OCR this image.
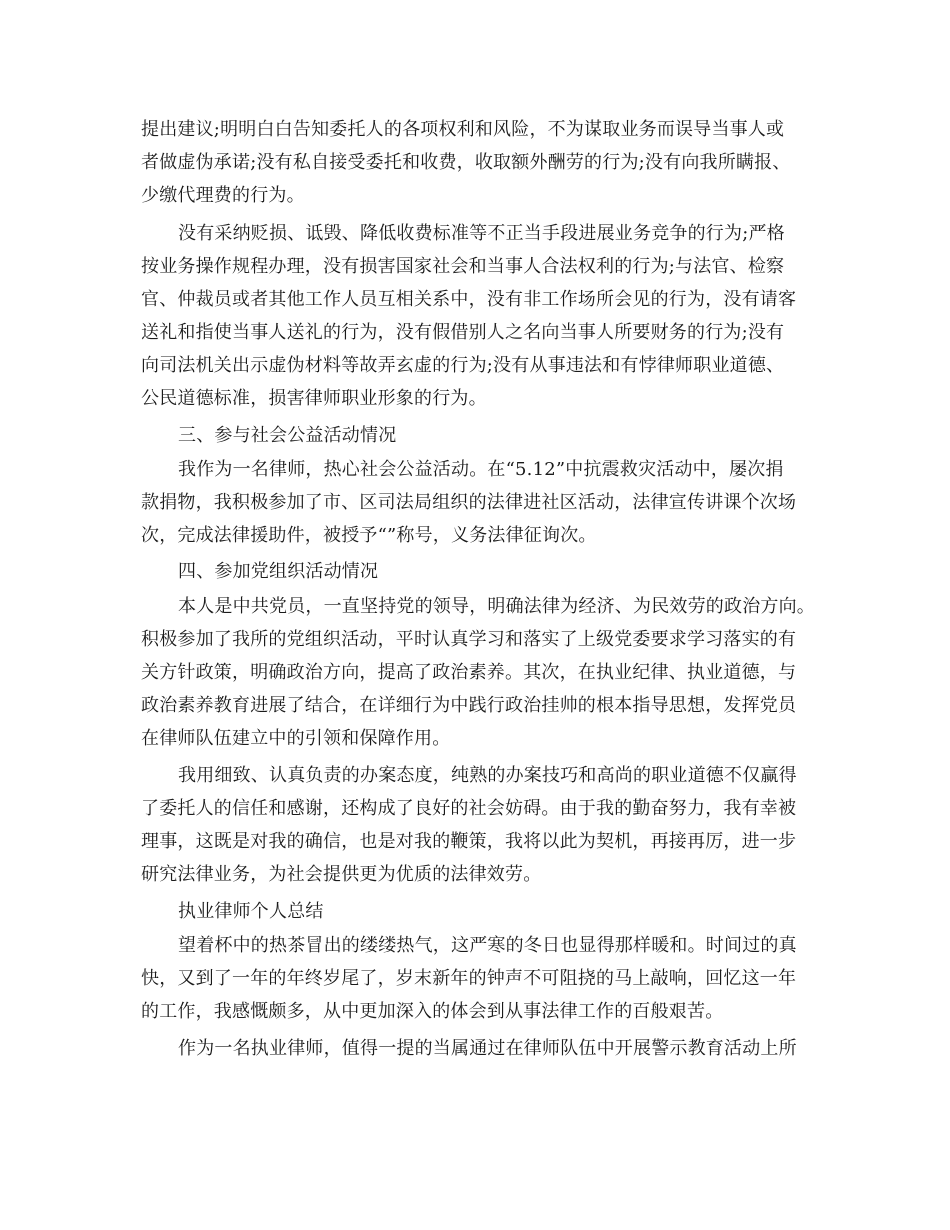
提出建议;明明白白告知委托人的各项权利和风险，不为谋取业务而误导当事人或
者做虚伪承诺;没有私自接受委托和收费，收取额外酬劳的行为;没有向我所瞒报、
少缴代理费的行为。
没有采纳贬损、诋毁、降低收费标准等不正当手段进展业务竞争的行为;严格
按业务操作规程办理，没有损害国家社会和当事人合法权利的行为;与法官、检察
官、仲裁员或者其他工作人员互相关系中，没有非工作场所会见的行为，没有请客
送礼和指使当事人送礼的行为，没有假借别人之名向当事人所要财务的行为;没有
向司法机关出示虚伪材料等故弄玄虚的行为;没有从事违法和有悖律师职业道德、
公民道德标准，损害律师职业形象的行为。
三、参与社会公益活动情况
我作为一名律师，热心社会公益活动。在“5.12”中抗震救灾活动中，屡次捐
款捐物，我积极参加了市、区司法局组织的法律进社区活动，法律宣传讲课个次场
次，完成法律援助件，被授予“”称号，义务法律征询次。
四、参加党组织活动情况
本人是中共党员，一直坚持党的领导，明确法律为经济、为民效劳的政治方向。
积极参加了我所的党组织活动，平时认真学习和落实了上级党委要求学习落实的有
关方针政策，明确政治方向，提高了政治素养。其次，在执业纪律、执业道德，与
政治素养教育进展了结合，在详细行为中践行政治挂帅的根本指导思想，发挥党员
在律师队伍建立中的引领和保障作用。
我用细致、认真负责的办案态度，纯熟的办案技巧和高尚的职业道德不仅赢得
了委托人的信任和感谢，还构成了良好的社会妨碍。由于我的勤奋努力，我有幸被
理事，这既是对我的确信，也是对我的鞭策，我将以此为契机，再接再厉，进一步
研究法律业务，为社会提供更为优质的法律效劳。
执业律师个人总结
望着杯中的热茶冒出的缕缕热气，这严寒的冬日也显得那样暖和。时间过的真
快，又到了一年的年终岁尾了，岁末新年的钟声不可阻挠的马上敲响，回忆这一年
的工作，我感慨颇多，从中更加深入的体会到从事法律工作的百般艰苦。
作为一名执业律师，值得一提的当属通过在律师队伍中开展警示教育活动上所
